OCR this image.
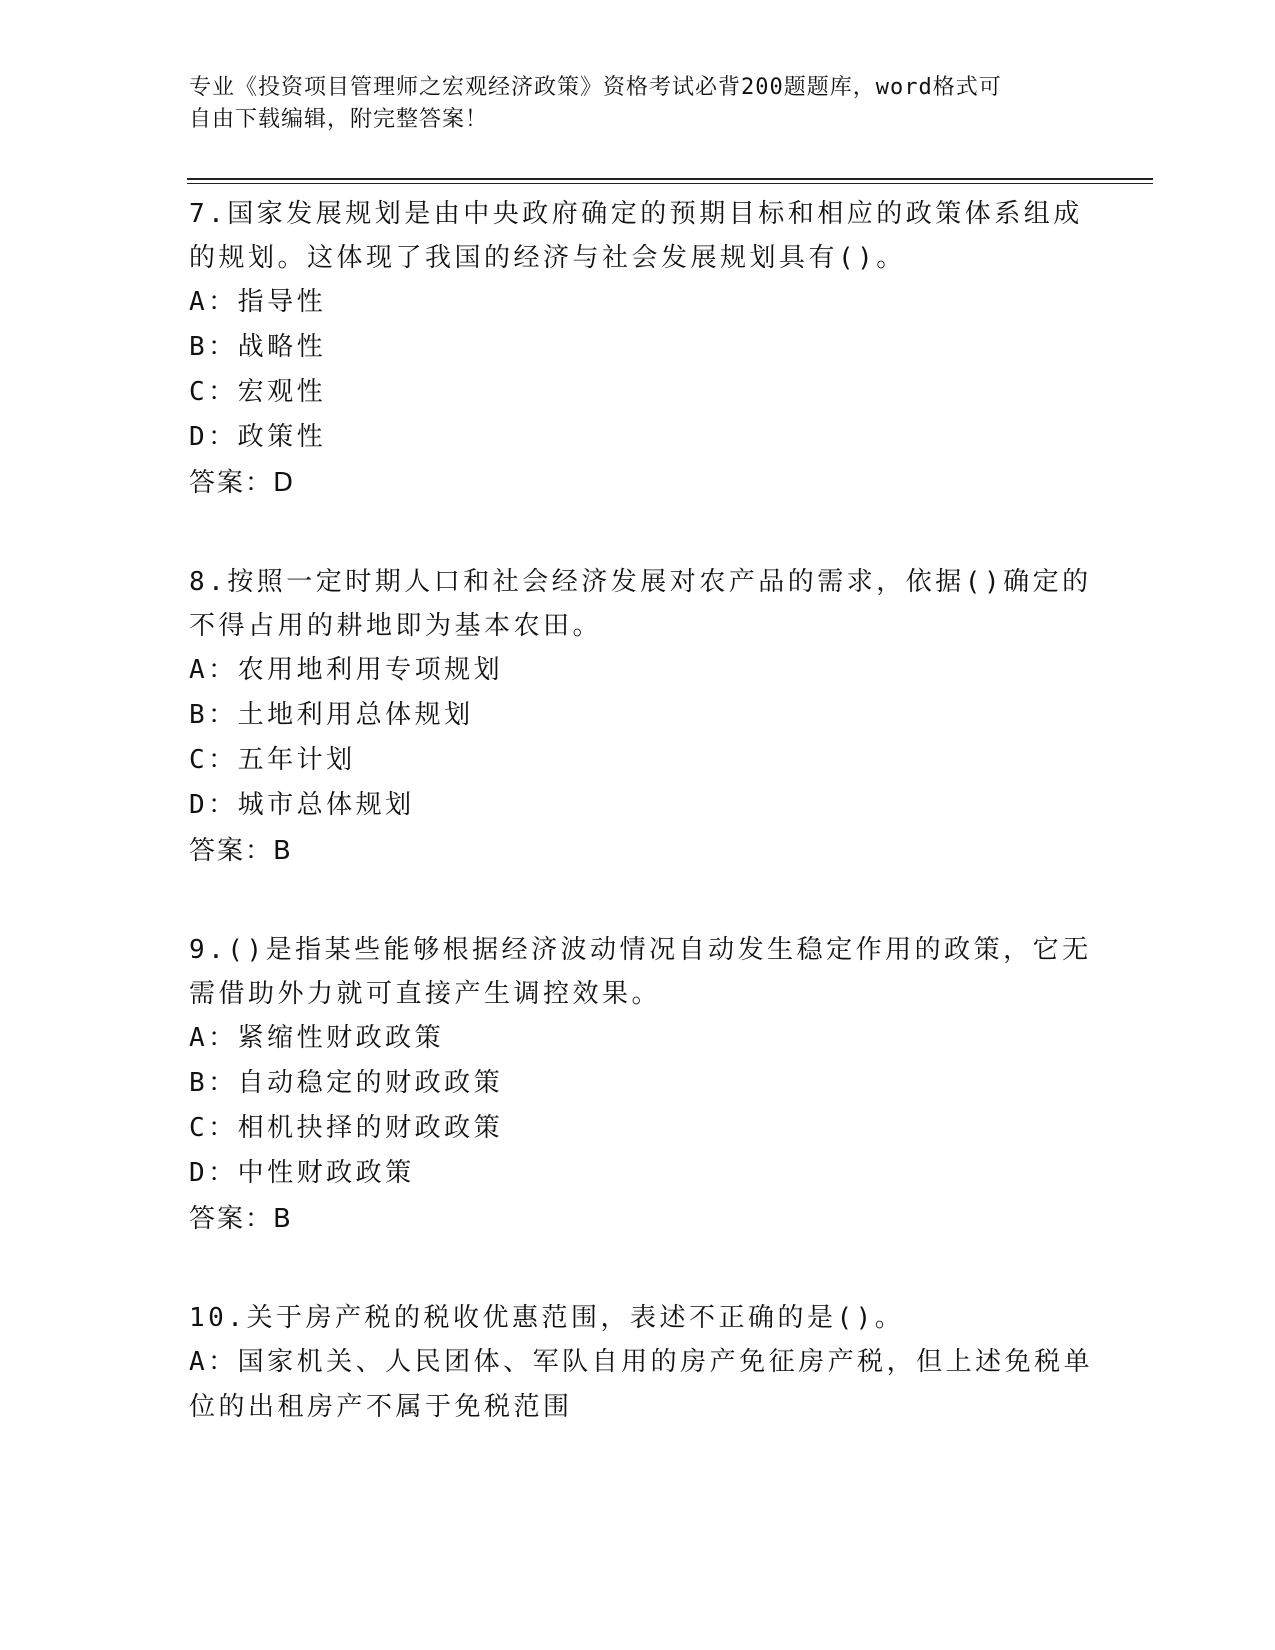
专业《投资项目管理师之宏观经济政策》资格考试必背200题题库，word格式可
自由下载编辑，附完整答案！
7.国家发展规划是由中央政府确定的预期目标和相应的政策体系组成
的规划。这体现了我国的经济与社会发展规划具有()。
A：指导性
B：战略性
C：宏观性
D：政策性
答案：D
8.按照一定时期人口和社会经济发展对农产品的需求，依据()确定的
不得占用的耕地即为基本农田。
A：农用地利用专项规划
B：土地利用总体规划
C：五年计划
D：城市总体规划
答案：B
9.()是指某些能够根据经济波动情况自动发生稳定作用的政策，它无
需借助外力就可直接产生调控效果。
A：紧缩性财政政策
B：自动稳定的财政政策
C：相机抉择的财政政策
D：中性财政政策
答案：B
10.关于房产税的税收优惠范围，表述不正确的是()。
A：国家机关、人民团体、军队自用的房产免征房产税，但上述免税单
位的出租房产不属于免税范围
